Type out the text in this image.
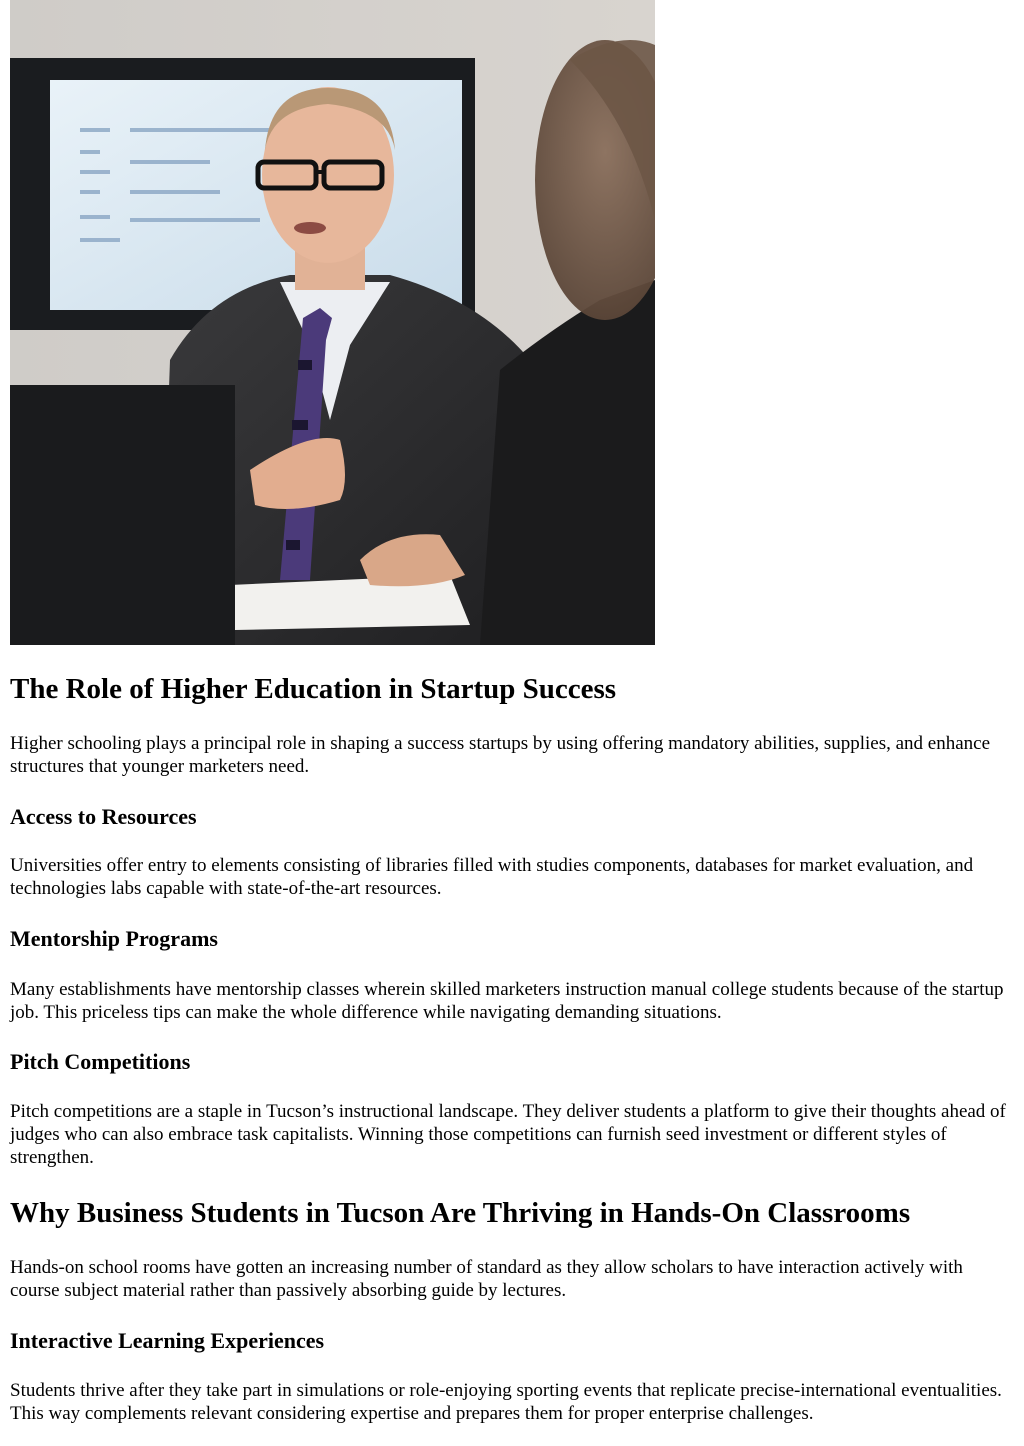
The Role of Higher Education in Startup Success

Higher schooling plays a principal role in shaping a success startups by using offering mandatory abilities, supplies, and enhance structures that younger marketers need.

Access to Resources

Universities offer entry to elements consisting of libraries filled with studies components, databases for market evaluation, and technologies labs capable with state-of-the-art resources.

Mentorship Programs

Many establishments have mentorship classes wherein skilled marketers instruction manual college students because of the startup job. This priceless tips can make the whole difference while navigating demanding situations.

Pitch Competitions

Pitch competitions are a staple in Tucson’s instructional landscape. They deliver students a platform to give their thoughts ahead of judges who can also embrace task capitalists. Winning those competitions can furnish seed investment or different styles of strengthen.

Why Business Students in Tucson Are Thriving in Hands-On Classrooms

Hands-on school rooms have gotten an increasing number of standard as they allow scholars to have interaction actively with course subject material rather than passively absorbing guide by lectures.

Interactive Learning Experiences

Students thrive after they take part in simulations or role-enjoying sporting events that replicate precise-international eventualities. This way complements relevant considering expertise and prepares them for proper enterprise challenges.
